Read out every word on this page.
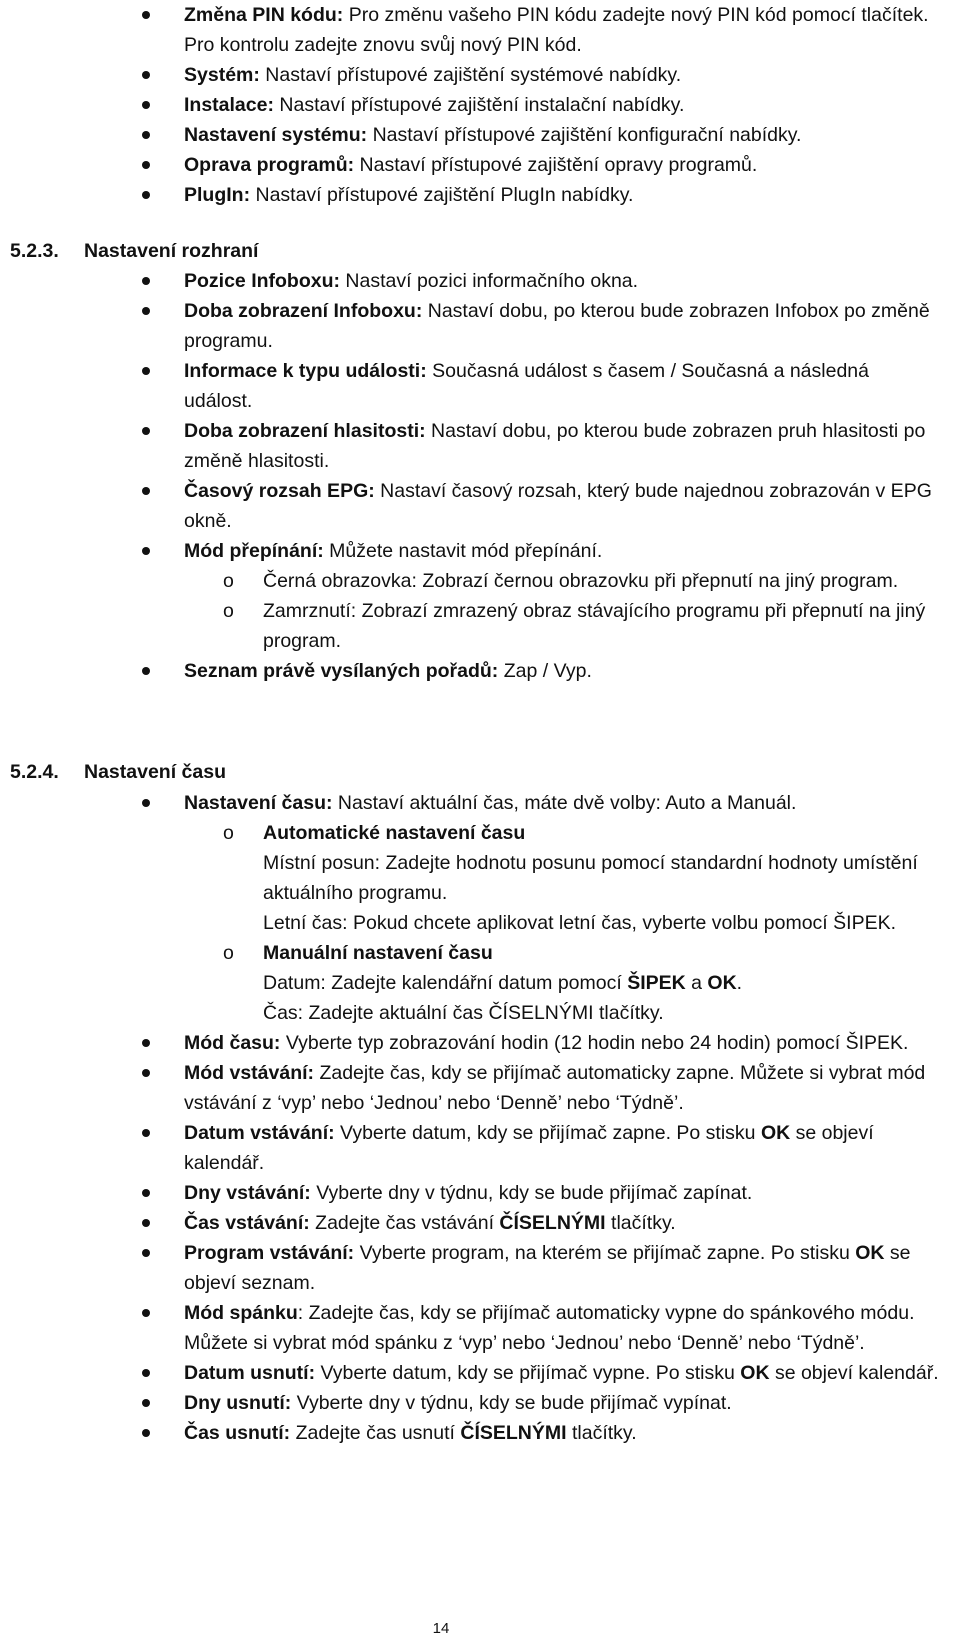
Změna PIN kódu: Pro změnu vašeho PIN kódu zadejte nový PIN kód pomocí tlačítek. Pro kontrolu zadejte znovu svůj nový PIN kód.
Systém: Nastaví přístupové zajištění systémové nabídky.
Instalace: Nastaví přístupové zajištění instalační nabídky.
Nastavení systému: Nastaví přístupové zajištění konfigurační nabídky.
Oprava programů: Nastaví přístupové zajištění opravy programů.
PlugIn: Nastaví přístupové zajištění PlugIn nabídky.
5.2.3. Nastavení rozhraní
Pozice Infoboxu: Nastaví pozici informačního okna.
Doba zobrazení Infoboxu: Nastaví dobu, po kterou bude zobrazen Infobox po změně programu.
Informace k typu události: Současná událost s časem / Současná a následná událost.
Doba zobrazení hlasitosti: Nastaví dobu, po kterou bude zobrazen pruh hlasitosti po změně hlasitosti.
Časový rozsah EPG: Nastaví časový rozsah, který bude najednou zobrazován v EPG okně.
Mód přepínání: Můžete nastavit mód přepínání.
o Černá obrazovka: Zobrazí černou obrazovku při přepnutí na jiný program.
o Zamrznutí: Zobrazí zmrazený obraz stávajícího programu při přepnutí na jiný program.
Seznam právě vysílaných pořadů: Zap / Vyp.
5.2.4. Nastavení času
Nastavení času: Nastaví aktuální čas, máte dvě volby: Auto a Manuál.
o Automatické nastavení času
Místní posun: Zadejte hodnotu posunu pomocí standardní hodnoty umístění aktuálního programu.
Letní čas: Pokud chcete aplikovat letní čas, vyberte volbu pomocí ŠIPEK.
o Manuální nastavení času
Datum: Zadejte kalendářní datum pomocí ŠIPEK a OK.
Čas: Zadejte aktuální čas ČÍSELNÝMI tlačítky.
Mód času: Vyberte typ zobrazování hodin (12 hodin nebo 24 hodin) pomocí ŠIPEK.
Mód vstávání: Zadejte čas, kdy se přijímač automaticky zapne. Můžete si vybrat mód vstávání z ‘vyp’ nebo ‘Jednou’ nebo ‘Denně’ nebo ‘Týdně’.
Datum vstávání: Vyberte datum, kdy se přijímač zapne. Po stisku OK se objeví kalendář.
Dny vstávání: Vyberte dny v týdnu, kdy se bude přijímač zapínat.
Čas vstávání: Zadejte čas vstávání ČÍSELNÝMI tlačítky.
Program vstávání: Vyberte program, na kterém se přijímač zapne. Po stisku OK se objeví seznam.
Mód spánku: Zadejte čas, kdy se přijímač automaticky vypne do spánkového módu. Můžete si vybrat mód spánku z ‘vyp’ nebo ‘Jednou’ nebo ‘Denně’ nebo ‘Týdně’.
Datum usnutí: Vyberte datum, kdy se přijímač vypne. Po stisku OK se objeví kalendář.
Dny usnutí: Vyberte dny v týdnu, kdy se bude přijímač vypínat.
Čas usnutí: Zadejte čas usnutí ČÍSELNÝMI tlačítky.
14
